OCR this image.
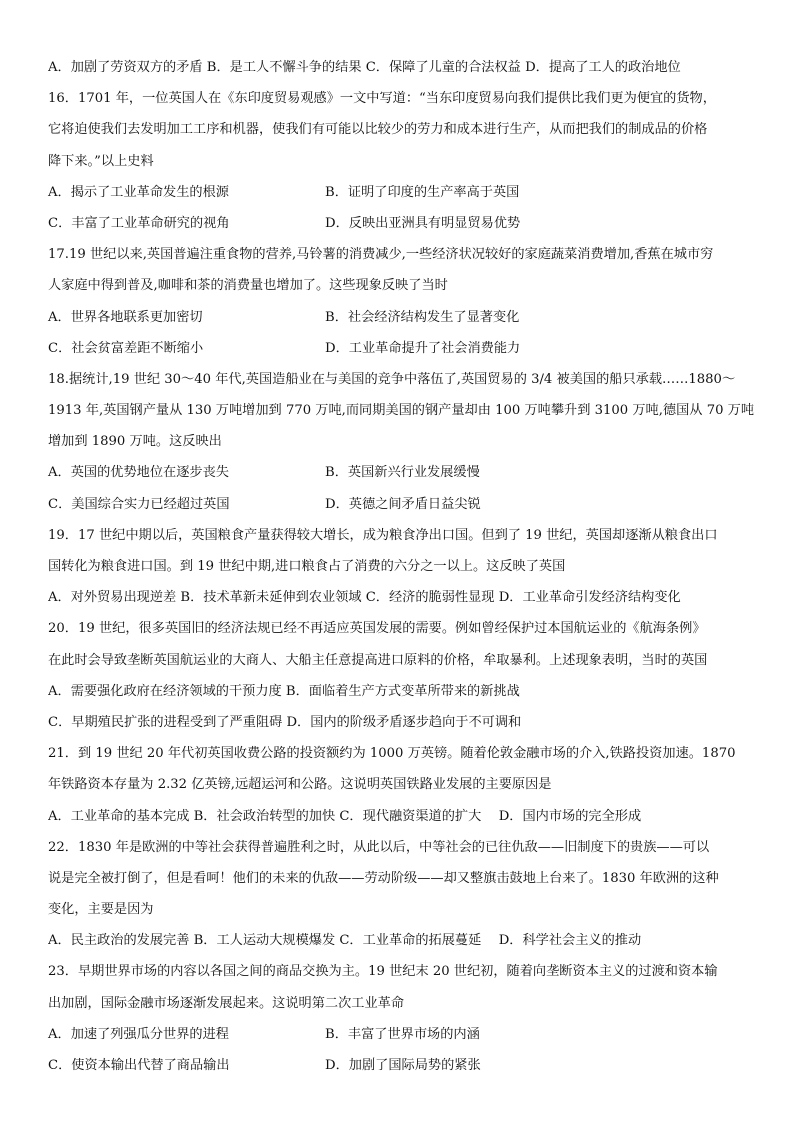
A．加剧了劳资双方的矛盾 B．是工人不懈斗争的结果 C．保障了儿童的合法权益 D．提高了工人的政治地位
16．1701 年，一位英国人在《东印度贸易观感》一文中写道：“当东印度贸易向我们提供比我们更为便宜的货物，
它将迫使我们去发明加工工序和机器，使我们有可能以比较少的劳力和成本进行生产，从而把我们的制成品的价格
降下来。”以上史料
A．揭示了工业革命发生的根源	B．证明了印度的生产率高于英国
C．丰富了工业革命研究的视角	D．反映出亚洲具有明显贸易优势
17.19 世纪以来,英国普遍注重食物的营养,马铃薯的消费减少,一些经济状况较好的家庭蔬菜消费增加,香蕉在城市穷
人家庭中得到普及,咖啡和茶的消费量也增加了。这些现象反映了当时
A．世界各地联系更加密切	B．社会经济结构发生了显著变化
C．社会贫富差距不断缩小	D．工业革命提升了社会消费能力
18.据统计,19 世纪 30～40 年代,英国造船业在与美国的竞争中落伍了,英国贸易的 3/4 被美国的船只承载……1880～
1913 年,英国钢产量从 130 万吨增加到 770 万吨,而同期美国的钢产量却由 100 万吨攀升到 3100 万吨,德国从 70 万吨
增加到 1890 万吨。这反映出
A．英国的优势地位在逐步丧失	B．英国新兴行业发展缓慢
C．美国综合实力已经超过英国	D．英德之间矛盾日益尖锐
19．17 世纪中期以后，英国粮食产量获得较大增长，成为粮食净出口国。但到了 19 世纪，英国却逐渐从粮食出口
国转化为粮食进口国。到 19 世纪中期,进口粮食占了消费的六分之一以上。这反映了英国
A．对外贸易出现逆差 B．技术革新未延伸到农业领域 C．经济的脆弱性显现 D．工业革命引发经济结构变化
20．19 世纪，很多英国旧的经济法规已经不再适应英国发展的需要。例如曾经保护过本国航运业的《航海条例》
在此时会导致垄断英国航运业的大商人、大船主任意提高进口原料的价格，牟取暴利。上述现象表明，当时的英国
A．需要强化政府在经济领域的干预力度 B．面临着生产方式变革所带来的新挑战
C．早期殖民扩张的进程受到了严重阻碍 D．国内的阶级矛盾逐步趋向于不可调和
21．到 19 世纪 20 年代初英国收费公路的投资额约为 1000 万英镑。随着伦敦金融市场的介入,铁路投资加速。1870
年铁路资本存量为 2.32 亿英镑,远超运河和公路。这说明英国铁路业发展的主要原因是
A．工业革命的基本完成 B．社会政治转型的加快 C．现代融资渠道的扩大　 D．国内市场的完全形成
22．1830 年是欧洲的中等社会获得普遍胜利之时，从此以后，中等社会的已往仇敌——旧制度下的贵族——可以
说是完全被打倒了，但是看呵！他们的未来的仇敌——劳动阶级——却又整旗击鼓地上台来了。1830 年欧洲的这种
变化，主要是因为
A．民主政治的发展完善 B．工人运动大规模爆发 C．工业革命的拓展蔓延　 D．科学社会主义的推动
23．早期世界市场的内容以各国之间的商品交换为主。19 世纪末 20 世纪初，随着向垄断资本主义的过渡和资本输
出加剧，国际金融市场逐渐发展起来。这说明第二次工业革命
A．加速了列强瓜分世界的进程	B．丰富了世界市场的内涵
C．使资本输出代替了商品输出	D．加剧了国际局势的紧张
